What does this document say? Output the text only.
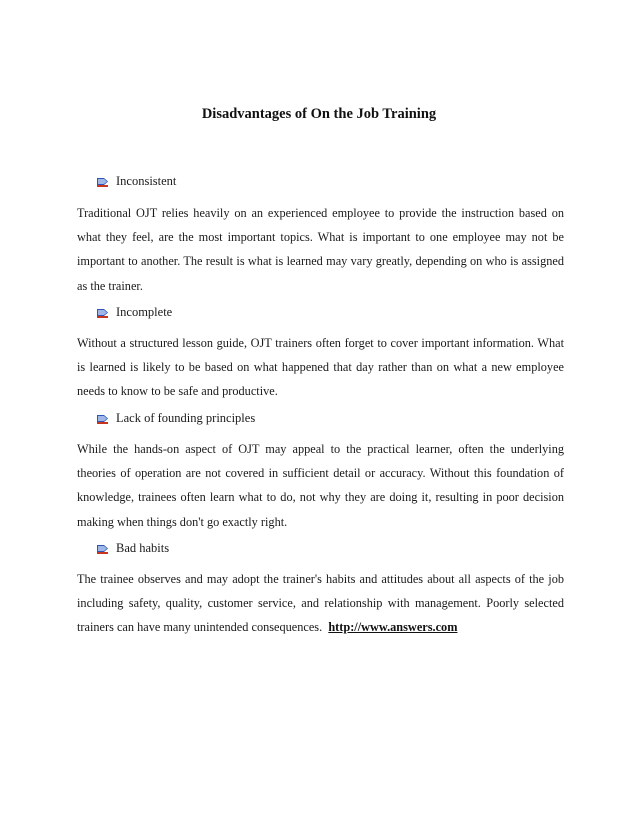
Disadvantages of On the Job Training
Inconsistent

Traditional OJT relies heavily on an experienced employee to provide the instruction based on what they feel, are the most important topics. What is important to one employee may not be important to another. The result is what is learned may vary greatly, depending on who is assigned as the trainer.

Incomplete

Without a structured lesson guide, OJT trainers often forget to cover important information. What is learned is likely to be based on what happened that day rather than on what a new employee needs to know to be safe and productive.

Lack of founding principles

While the hands-on aspect of OJT may appeal to the practical learner, often the underlying theories of operation are not covered in sufficient detail or accuracy. Without this foundation of knowledge, trainees often learn what to do, not why they are doing it, resulting in poor decision making when things don't go exactly right.

Bad habits

The trainee observes and may adopt the trainer's habits and attitudes about all aspects of the job including safety, quality, customer service, and relationship with management. Poorly selected trainers can have many unintended consequences. http://www.answers.com
